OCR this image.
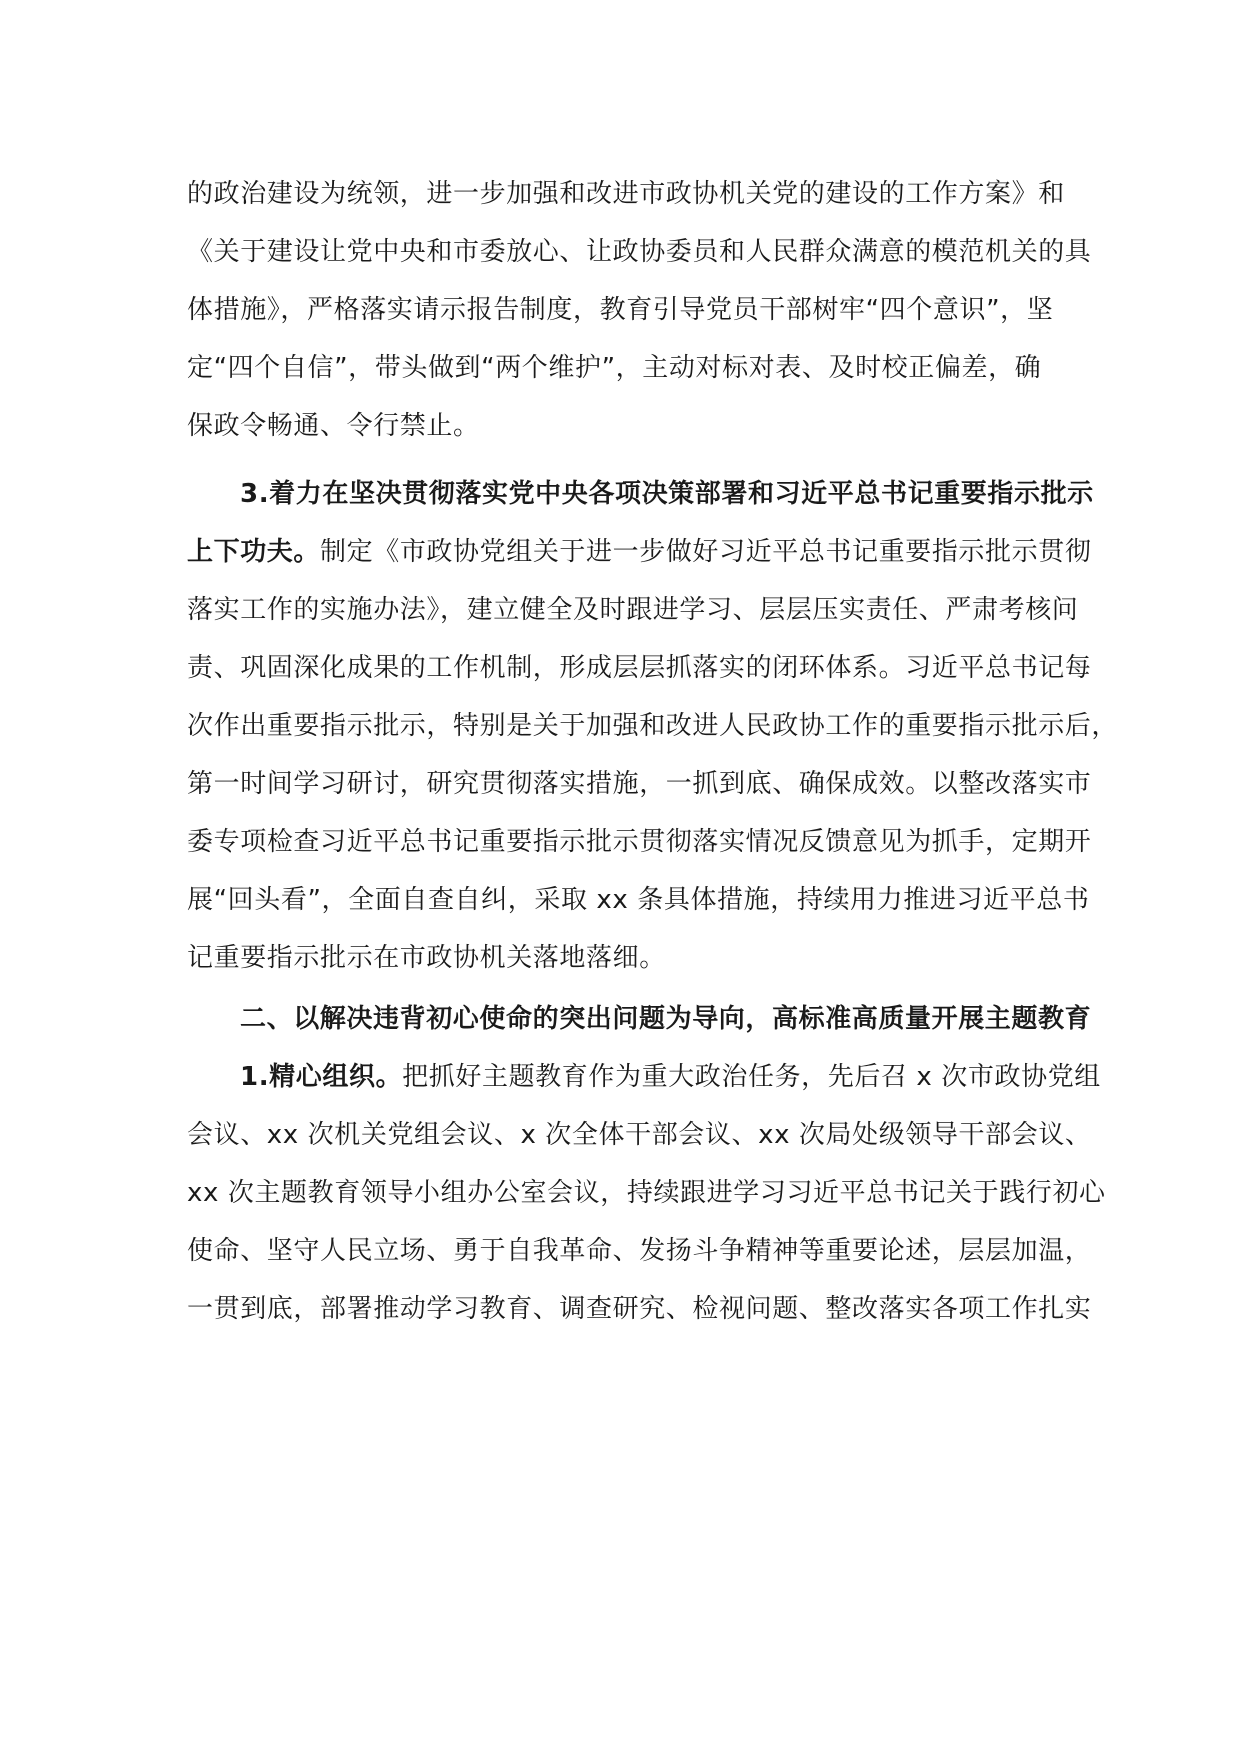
的政治建设为统领，进一步加强和改进市政协机关党的建设的工作方案》和
《关于建设让党中央和市委放心、让政协委员和人民群众满意的模范机关的具
体措施》，严格落实请示报告制度，教育引导党员干部树牢“四个意识”，坚
定“四个自信”，带头做到“两个维护”，主动对标对表、及时校正偏差，确
保政令畅通、令行禁止。
3.着力在坚决贯彻落实党中央各项决策部署和习近平总书记重要指示批示
上下功夫。制定《市政协党组关于进一步做好习近平总书记重要指示批示贯彻
落实工作的实施办法》，建立健全及时跟进学习、层层压实责任、严肃考核问
责、巩固深化成果的工作机制，形成层层抓落实的闭环体系。习近平总书记每
次作出重要指示批示，特别是关于加强和改进人民政协工作的重要指示批示后，
第一时间学习研讨，研究贯彻落实措施，一抓到底、确保成效。以整改落实市
委专项检查习近平总书记重要指示批示贯彻落实情况反馈意见为抓手，定期开
展“回头看”，全面自查自纠，采取 xx 条具体措施，持续用力推进习近平总书
记重要指示批示在市政协机关落地落细。
二、以解决违背初心使命的突出问题为导向，高标准高质量开展主题教育
1.精心组织。把抓好主题教育作为重大政治任务，先后召 x 次市政协党组
会议、xx 次机关党组会议、x 次全体干部会议、xx 次局处级领导干部会议、
xx 次主题教育领导小组办公室会议，持续跟进学习习近平总书记关于践行初心
使命、坚守人民立场、勇于自我革命、发扬斗争精神等重要论述，层层加温，
一贯到底，部署推动学习教育、调查研究、检视问题、整改落实各项工作扎实
